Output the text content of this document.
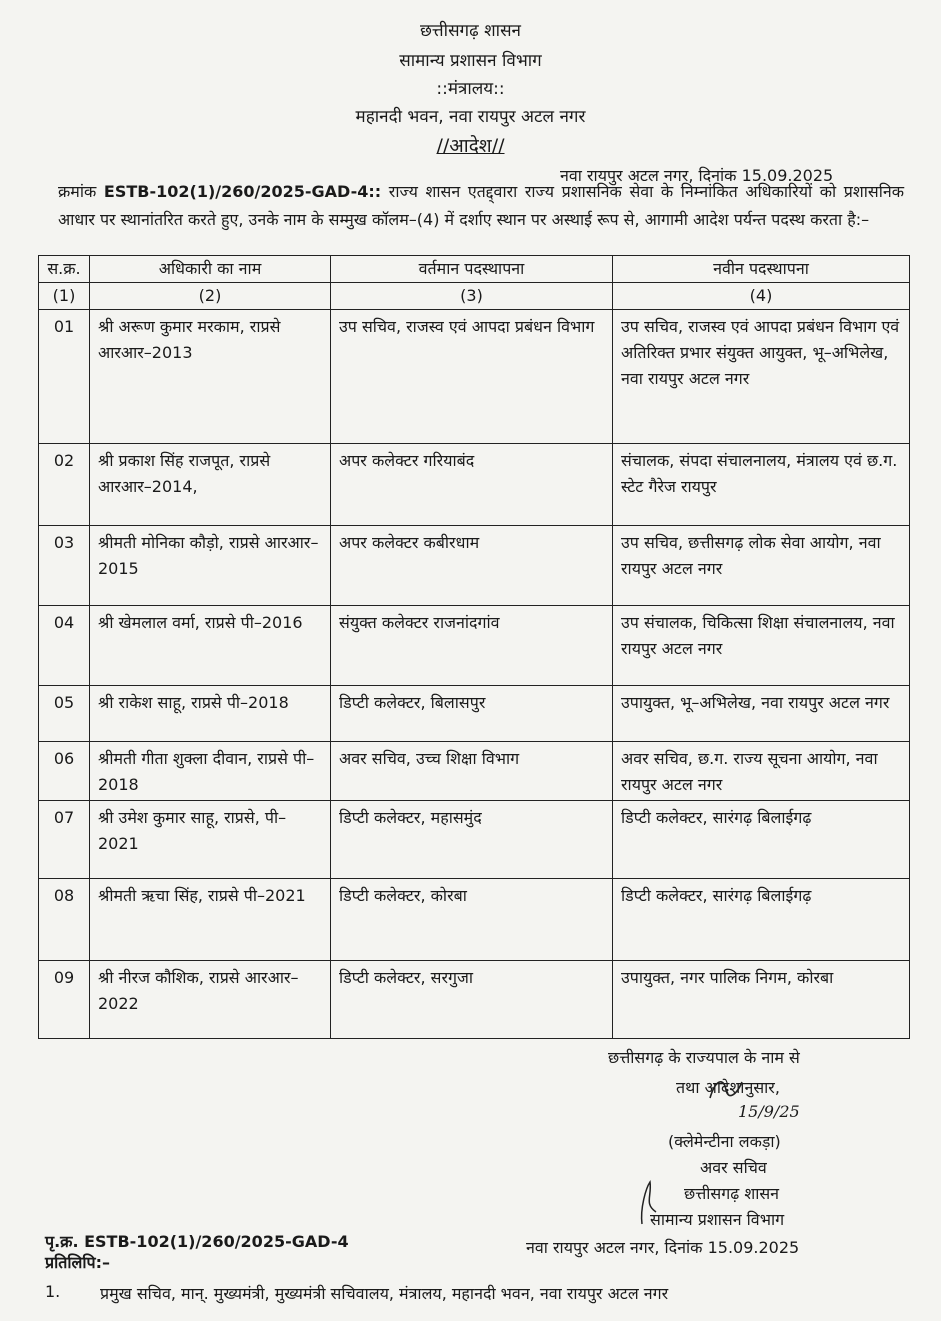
छत्तीसगढ़ शासन
सामान्य प्रशासन विभाग
::मंत्रालय::
महानदी भवन, नवा रायपुर अटल नगर
//आदेश//
नवा रायपुर अटल नगर, दिनांक 15.09.2025
क्रमांक ESTB-102(1)/260/2025-GAD-4:: राज्य शासन एतद्द्वारा राज्य प्रशासनिक सेवा के निम्नांकित अधिकारियों को प्रशासनिक आधार पर स्थानांतरित करते हुए, उनके नाम के सम्मुख कॉलम–(4) में दर्शाए स्थान पर अस्थाई रूप से, आगामी आदेश पर्यन्त पदस्थ करता है:–
स.क्र.	अधिकारी का नाम	वर्तमान पदस्थापना	नवीन पदस्थापना
(1)	(2)	(3)	(4)
01	श्री अरूण कुमार मरकाम, राप्रसे आरआर–2013	उप सचिव, राजस्व एवं आपदा प्रबंधन विभाग	उप सचिव, राजस्व एवं आपदा प्रबंधन विभाग एवं अतिरिक्त प्रभार संयुक्त आयुक्त, भू–अभिलेख, नवा रायपुर अटल नगर
02	श्री प्रकाश सिंह राजपूत, राप्रसे आरआर–2014,	अपर कलेक्टर गरियाबंद	संचालक, संपदा संचालनालय, मंत्रालय एवं छ.ग. स्टेट गैरेज रायपुर
03	श्रीमती मोनिका कौड़ो, राप्रसे आरआर–2015	अपर कलेक्टर कबीरधाम	उप सचिव, छत्तीसगढ़ लोक सेवा आयोग, नवा रायपुर अटल नगर
04	श्री खेमलाल वर्मा, राप्रसे पी–2016	संयुक्त कलेक्टर राजनांदगांव	उप संचालक, चिकित्सा शिक्षा संचालनालय, नवा रायपुर अटल नगर
05	श्री राकेश साहू, राप्रसे पी–2018	डिप्टी कलेक्टर, बिलासपुर	उपायुक्त, भू–अभिलेख, नवा रायपुर अटल नगर
06	श्रीमती गीता शुक्ला दीवान, राप्रसे पी–2018	अवर सचिव, उच्च शिक्षा विभाग	अवर सचिव, छ.ग. राज्य सूचना आयोग, नवा रायपुर अटल नगर
07	श्री उमेश कुमार साहू, राप्रसे, पी–2021	डिप्टी कलेक्टर, महासमुंद	डिप्टी कलेक्टर, सारंगढ़ बिलाईगढ़
08	श्रीमती ऋचा सिंह, राप्रसे पी–2021	डिप्टी कलेक्टर, कोरबा	डिप्टी कलेक्टर, सारंगढ़ बिलाईगढ़
09	श्री नीरज कौशिक, राप्रसे आरआर–2022	डिप्टी कलेक्टर, सरगुजा	उपायुक्त, नगर पालिक निगम, कोरबा
छत्तीसगढ़ के राज्यपाल के नाम से
तथा आदेशानुसार,
15/9/25
(क्लेमेन्टीना लकड़ा)
अवर सचिव
छत्तीसगढ़ शासन
सामान्य प्रशासन विभाग
पृ.क्र. ESTB-102(1)/260/2025-GAD-4	नवा रायपुर अटल नगर, दिनांक 15.09.2025
प्रतिलिपि:–
1. प्रमुख सचिव, मान्. मुख्यमंत्री, मुख्यमंत्री सचिवालय, मंत्रालय, महानदी भवन, नवा रायपुर अटल नगर
